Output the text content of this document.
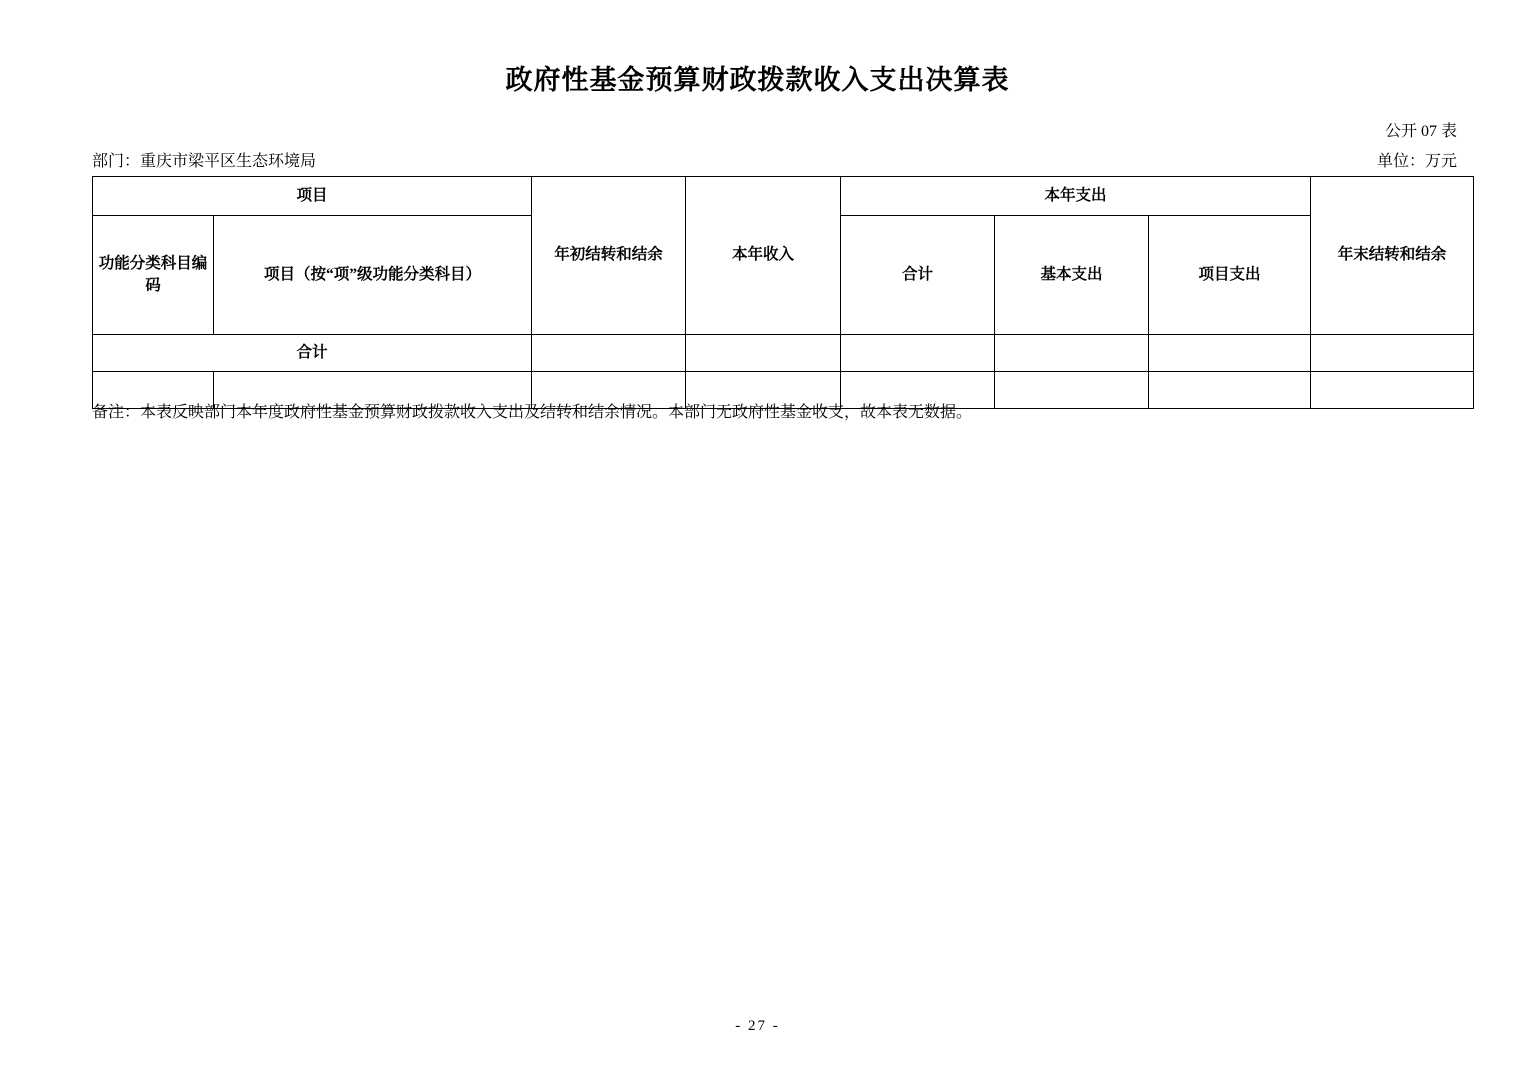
政府性基金预算财政拨款收入支出决算表
公开 07 表
部门：重庆市梁平区生态环境局	单位：万元
项目		年初结转和结余	本年收入	本年支出			年末结转和结余
功能分类科目编码	项目（按“项”级功能分类科目）			合计	基本支出	项目支出	
合计							

备注：本表反映部门本年度政府性基金预算财政拨款收入支出及结转和结余情况。本部门无政府性基金收支，故本表无数据。
- 27 -
